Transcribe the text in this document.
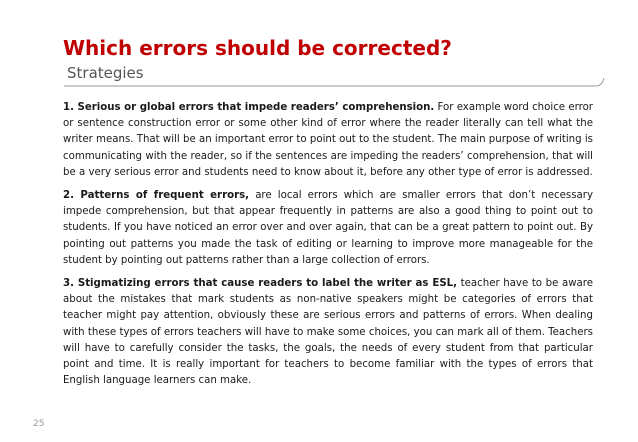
Which errors should be corrected?
Strategies

1. Serious or global errors that impede readers’ comprehension. For example word choice error or sentence construction error or some other kind of error where the reader literally can tell what the writer means. That will be an important error to point out to the student. The main purpose of writing is communicating with the reader, so if the sentences are impeding the readers’ comprehension, that will be a very serious error and students need to know about it, before any other type of error is addressed.

2. Patterns of frequent errors, are local errors which are smaller errors that don’t necessary impede comprehension, but that appear frequently in patterns are also a good thing to point out to students. If you have noticed an error over and over again, that can be a great pattern to point out. By pointing out patterns you made the task of editing or learning to improve more manageable for the student by pointing out patterns rather than a large collection of errors.

3. Stigmatizing errors that cause readers to label the writer as ESL, teacher have to be aware about the mistakes that mark students as non-native speakers might be categories of errors that teacher might pay attention, obviously these are serious errors and patterns of errors. When dealing with these types of errors teachers will have to make some choices, you can mark all of them. Teachers will have to carefully consider the tasks, the goals, the needs of every student from that particular point and time. It is really important for teachers to become familiar with the types of errors that English language learners can make.

25
